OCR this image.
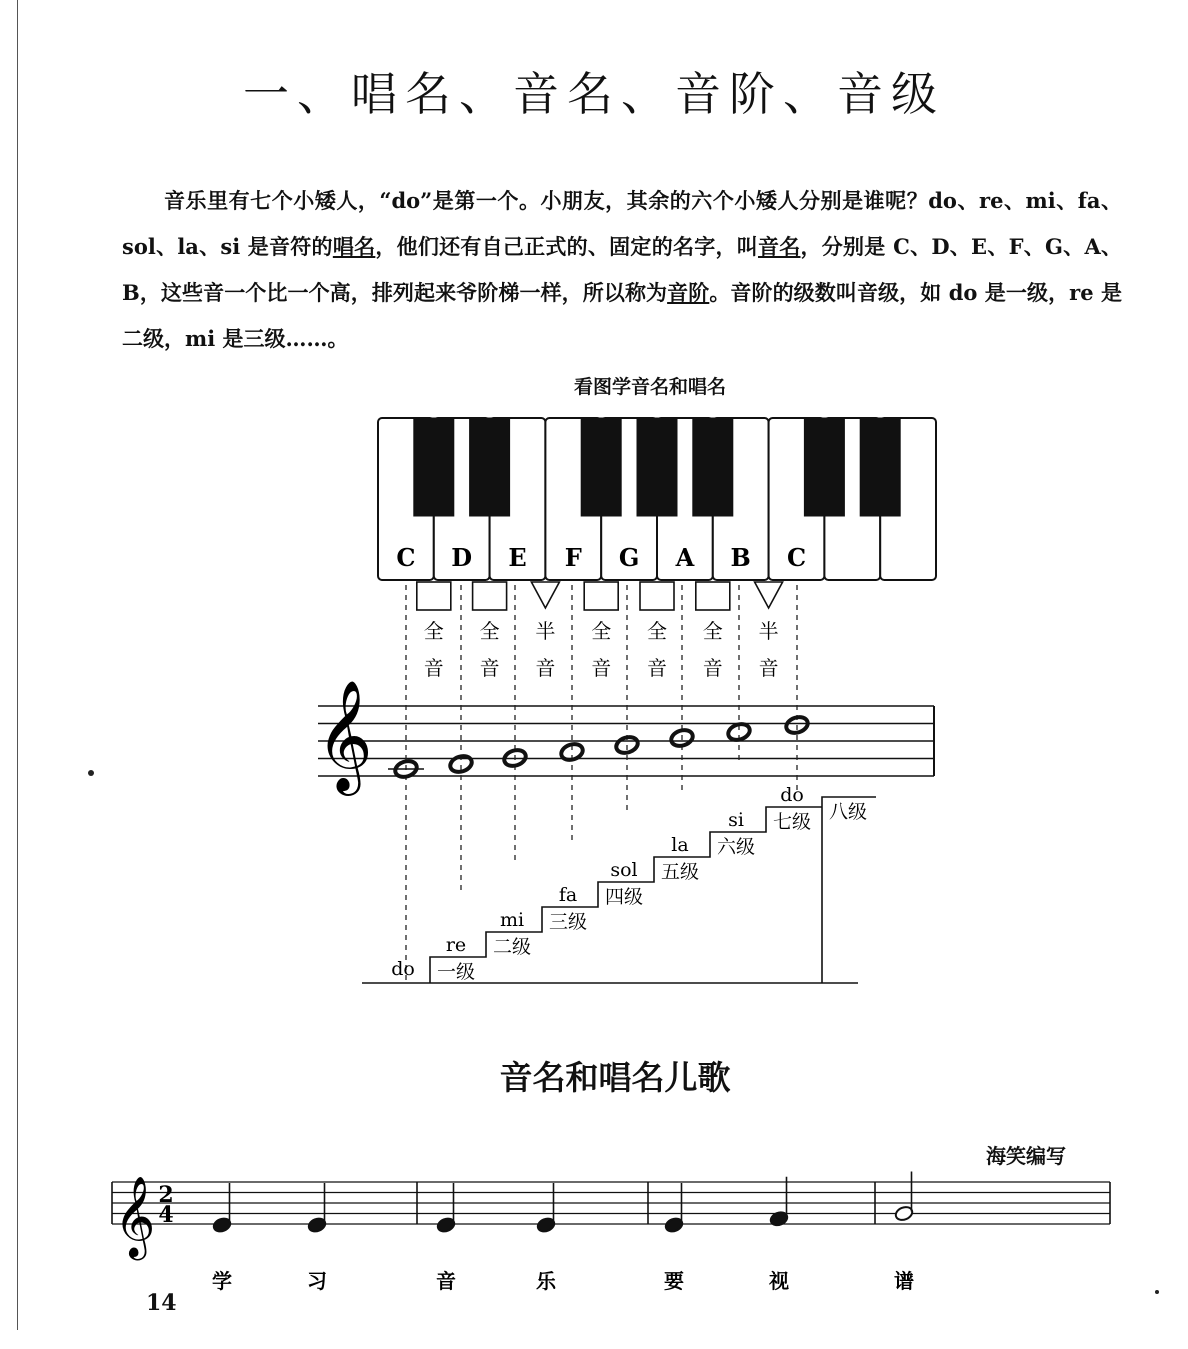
一、唱名、音名、音阶、音级

音乐里有七个小矮人，“do”是第一个。小朋友，其余的六个小矮人分别是谁呢？do、re、mi、fa、sol、la、si 是音符的唱名，他们还有自己正式的、固定的名字，叫音名，分别是 C、D、E、F、G、A、B，这些音一个比一个高，排列起来爷阶梯一样，所以称为音阶。音阶的级数叫音级，如 do 是一级，re 是二级，mi 是三级……。

看图学音名和唱名
C D E F G A B C
全
音
全
音
半
音
全
音
全
音
全
音
半
音
𝄞
do
re
mi
fa
sol
la
si
do
一级
二级
三级
四级
五级
六级
七级 八级
音名和唱名儿歌
海笑编写
𝄞 2
4
学	习	音	乐	要	视	谱
14
